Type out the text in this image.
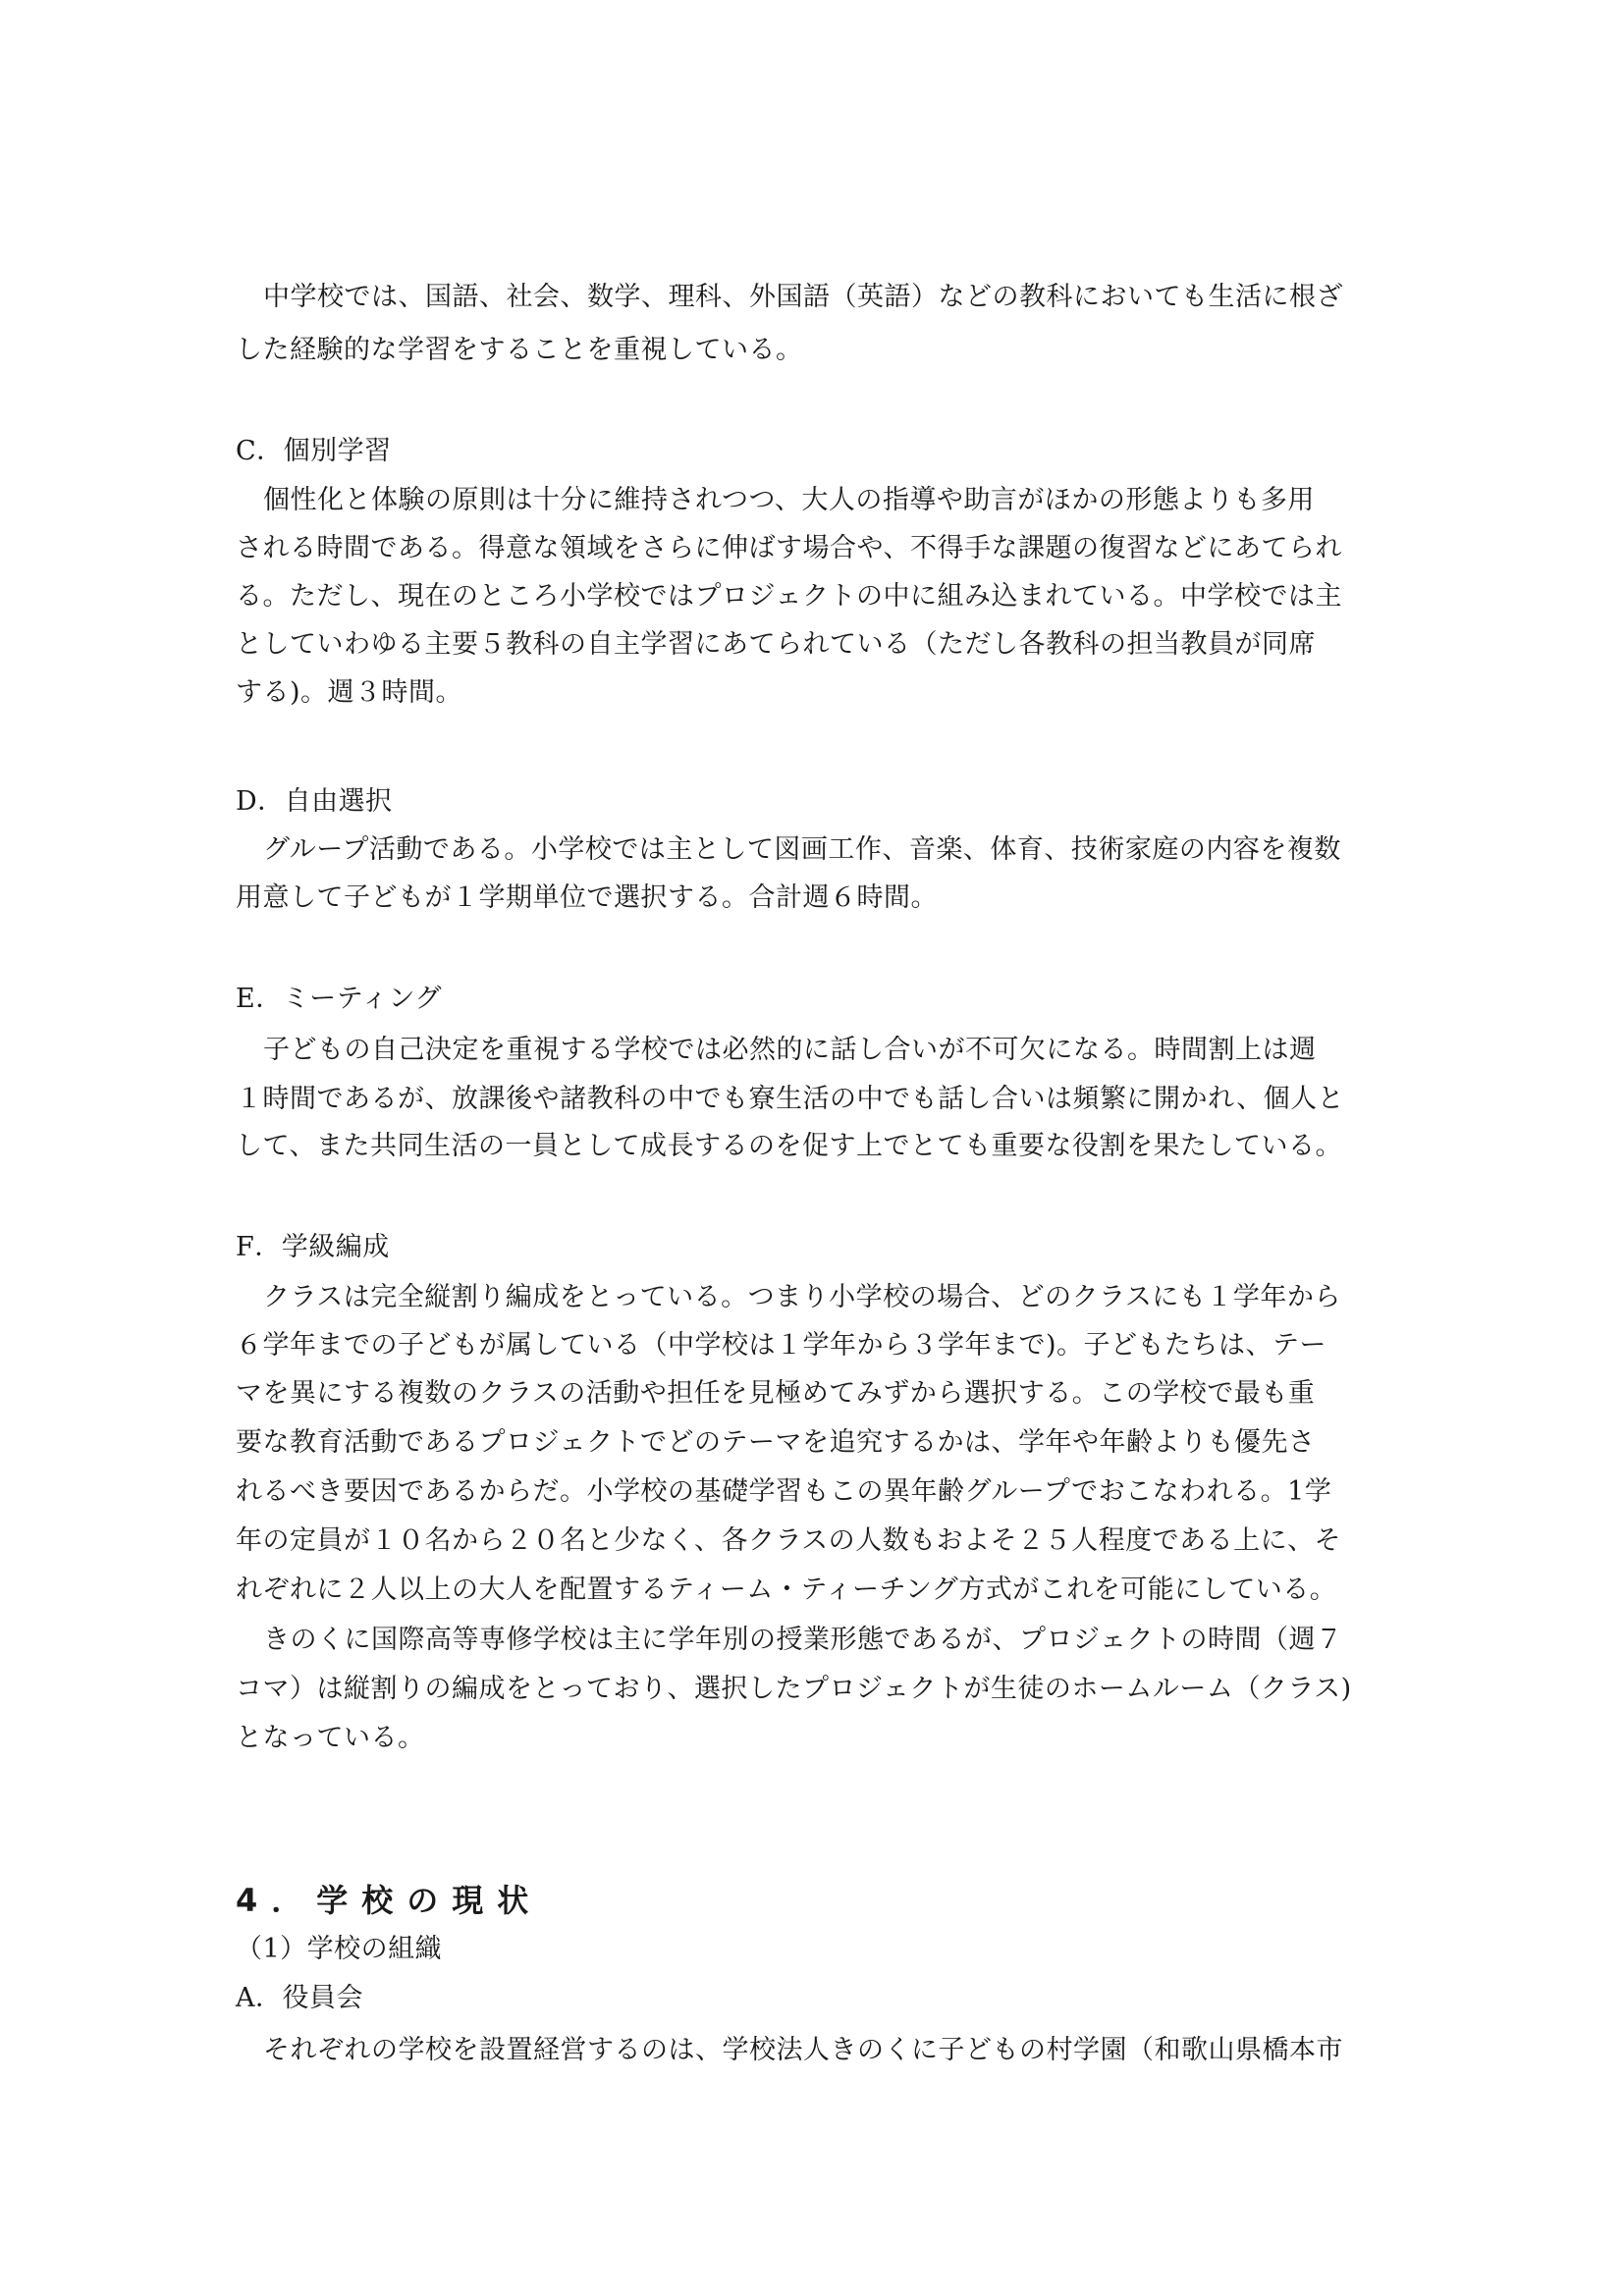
中学校では、国語、社会、数学、理科、外国語（英語）などの教科においても生活に根ざ
した経験的な学習をすることを重視している。
C．個別学習
個性化と体験の原則は十分に維持されつつ、大人の指導や助言がほかの形態よりも多用
される時間である。得意な領域をさらに伸ばす場合や、不得手な課題の復習などにあてられ
る。ただし、現在のところ小学校ではプロジェクトの中に組み込まれている。中学校では主
としていわゆる主要５教科の自主学習にあてられている（ただし各教科の担当教員が同席
する)。週３時間。
D．自由選択
グループ活動である。小学校では主として図画工作、音楽、体育、技術家庭の内容を複数
用意して子どもが１学期単位で選択する。合計週６時間。
E．ミーティング
子どもの自己決定を重視する学校では必然的に話し合いが不可欠になる。時間割上は週
１時間であるが、放課後や諸教科の中でも寮生活の中でも話し合いは頻繁に開かれ、個人と
して、また共同生活の一員として成長するのを促す上でとても重要な役割を果たしている。
F．学級編成
クラスは完全縦割り編成をとっている。つまり小学校の場合、どのクラスにも１学年から
６学年までの子どもが属している（中学校は１学年から３学年まで)。子どもたちは、テー
マを異にする複数のクラスの活動や担任を見極めてみずから選択する。この学校で最も重
要な教育活動であるプロジェクトでどのテーマを追究するかは、学年や年齢よりも優先さ
れるべき要因であるからだ。小学校の基礎学習もこの異年齢グループでおこなわれる。1学
年の定員が１０名から２０名と少なく、各クラスの人数もおよそ２５人程度である上に、そ
れぞれに２人以上の大人を配置するティーム・ティーチング方式がこれを可能にしている。
きのくに国際高等専修学校は主に学年別の授業形態であるが、プロジェクトの時間（週７
コマ）は縦割りの編成をとっており、選択したプロジェクトが生徒のホームルーム（クラス)
となっている。
4．学校の現状
（1）学校の組織
A．役員会
それぞれの学校を設置経営するのは、学校法人きのくに子どもの村学園（和歌山県橋本市
